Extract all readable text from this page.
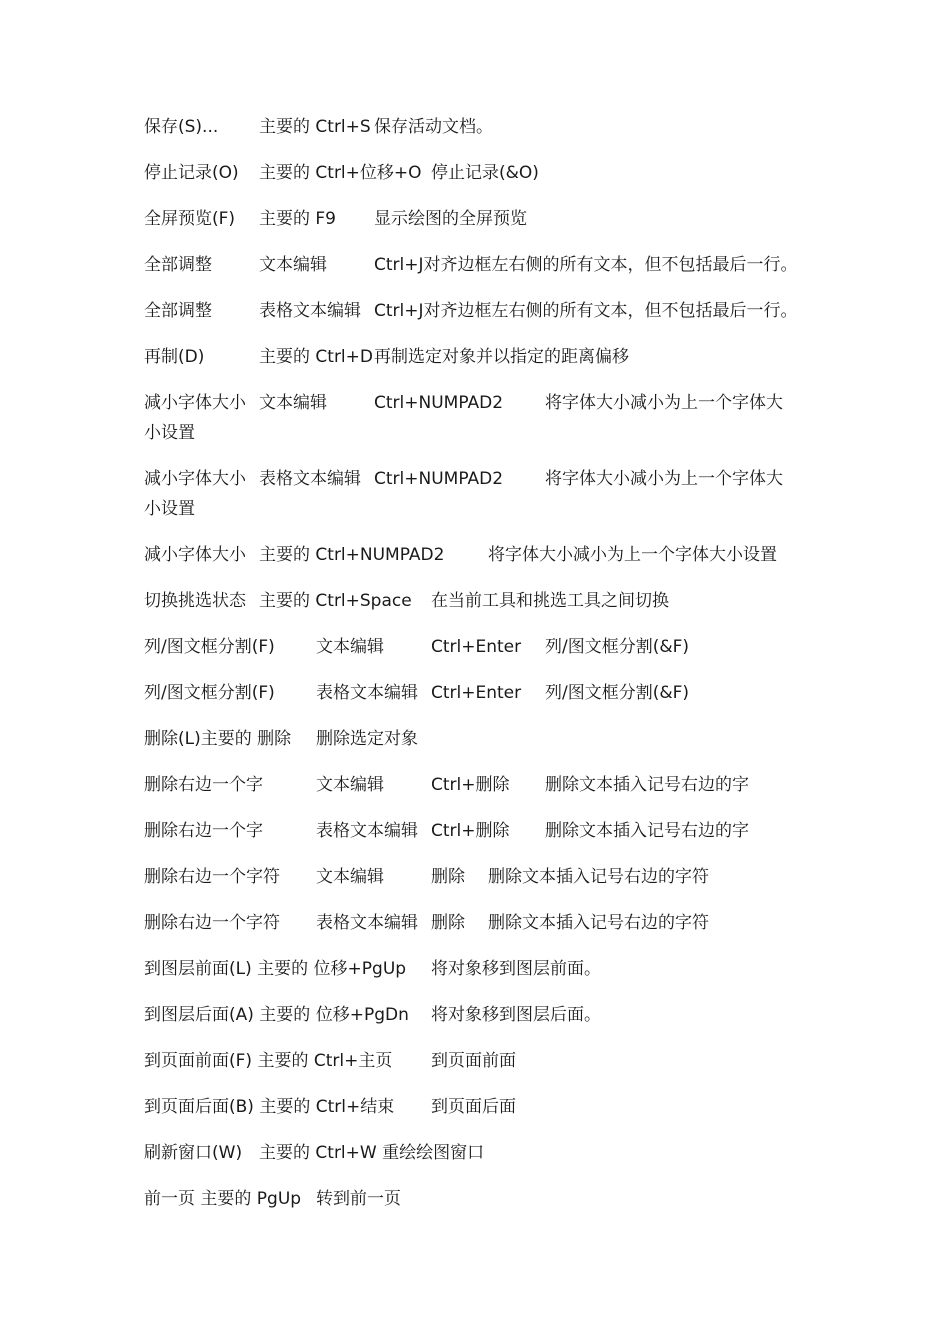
保存(S)... 主要的 Ctrl+S 保存活动文档。
停止记录(O) 主要的 Ctrl+位移+O 停止记录(&O)
全屏预览(F) 主要的 F9 显示绘图的全屏预览
全部调整	文本编辑	Ctrl+J对齐边框左右侧的所有文本，但不包括最后一行。
全部调整	表格文本编辑 Ctrl+J对齐边框左右侧的所有文本，但不包括最后一行。
再制(D)	主要的 Ctrl+D 再制选定对象并以指定的距离偏移
减小字体大小 文本编辑	Ctrl+NUMPAD2 将字体大小减小为上一个字体大
小设置
减小字体大小 表格文本编辑 Ctrl+NUMPAD2 将字体大小减小为上一个字体大
小设置
减小字体大小 主要的 Ctrl+NUMPAD2	将字体大小减小为上一个字体大小设置
切换挑选状态 主要的 Ctrl+Space 在当前工具和挑选工具之间切换
列/图文框分割(F) 文本编辑	Ctrl+Enter 列/图文框分割(&F)
列/图文框分割(F) 表格文本编辑 Ctrl+Enter 列/图文框分割(&F)
删除(L)主要的 删除 删除选定对象
删除右边一个字	文本编辑	Ctrl+删除 删除文本插入记号右边的字
删除右边一个字	表格文本编辑 Ctrl+删除 删除文本插入记号右边的字
删除右边一个字符 文本编辑	删除 删除文本插入记号右边的字符
删除右边一个字符 表格文本编辑 删除 删除文本插入记号右边的字符
到图层前面(L) 主要的 位移+PgUp 将对象移到图层前面。
到图层后面(A) 主要的 位移+PgDn 将对象移到图层后面。
到页面前面(F) 主要的 Ctrl+主页 到页面前面
到页面后面(B) 主要的 Ctrl+结束 到页面后面
刷新窗口(W) 主要的 Ctrl+W 重绘绘图窗口
前一页 主要的 PgUp 转到前一页
